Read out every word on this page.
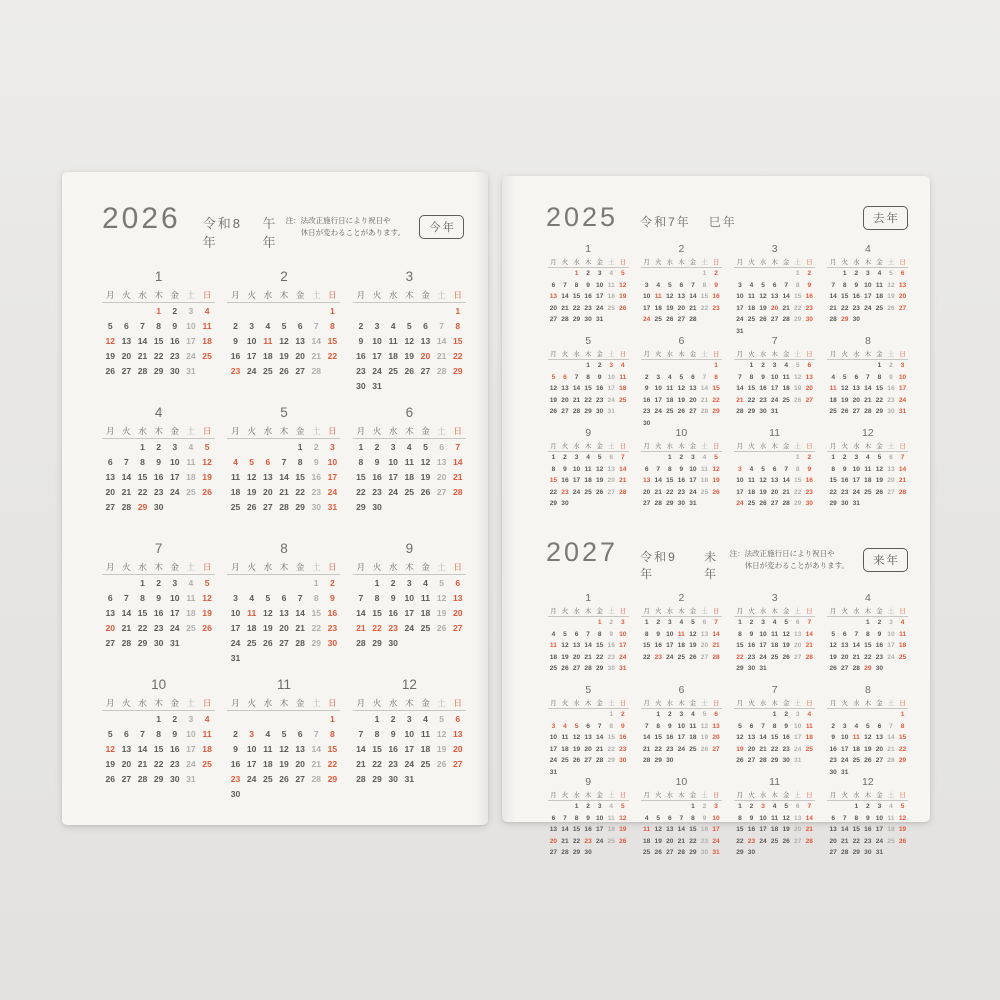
2026 令和8年
午年
注：法改正施行日により祝日や
休日が変わることがあります。	今年
1
月	火	水	木	金	土	日
			1	2	3	4
5	6	7	8	9	10	11
12	13	14	15	16	17	18
19	20	21	22	23	24	25
26	27	28	29	30	31	
2
月	火	水	木	金	土	日
						1
2	3	4	5	6	7	8
9	10	11	12	13	14	15
16	17	18	19	20	21	22
23	24	25	26	27	28	
3
月	火	水	木	金	土	日
						1
2	3	4	5	6	7	8
9	10	11	12	13	14	15
16	17	18	19	20	21	22
23	24	25	26	27	28	29
30	31					
4
月	火	水	木	金	土	日
		1	2	3	4	5
6	7	8	9	10	11	12
13	14	15	16	17	18	19
20	21	22	23	24	25	26
27	28	29	30			
5
月	火	水	木	金	土	日
				1	2	3
4	5	6	7	8	9	10
11	12	13	14	15	16	17
18	19	20	21	22	23	24
25	26	27	28	29	30	31
6
月	火	水	木	金	土	日
1	2	3	4	5	6	7
8	9	10	11	12	13	14
15	16	17	18	19	20	21
22	23	24	25	26	27	28
29	30					
7
月	火	水	木	金	土	日
		1	2	3	4	5
6	7	8	9	10	11	12
13	14	15	16	17	18	19
20	21	22	23	24	25	26
27	28	29	30	31		
8
月	火	水	木	金	土	日
					1	2
3	4	5	6	7	8	9
10	11	12	13	14	15	16
17	18	19	20	21	22	23
24	25	26	27	28	29	30
31						
9
月	火	水	木	金	土	日
	1	2	3	4	5	6
7	8	9	10	11	12	13
14	15	16	17	18	19	20
21	22	23	24	25	26	27
28	29	30				
10
月	火	水	木	金	土	日
			1	2	3	4
5	6	7	8	9	10	11
12	13	14	15	16	17	18
19	20	21	22	23	24	25
26	27	28	29	30	31	
11
月	火	水	木	金	土	日
						1
2	3	4	5	6	7	8
9	10	11	12	13	14	15
16	17	18	19	20	21	22
23	24	25	26	27	28	29
30						
12
月	火	水	木	金	土	日
	1	2	3	4	5	6
7	8	9	10	11	12	13
14	15	16	17	18	19	20
21	22	23	24	25	26	27
28	29	30	31			
2025 令和7年 巳年	去年
1
月	火	水	木	金	土	日
		1	2	3	4	5
6	7	8	9	10	11	12
13	14	15	16	17	18	19
20	21	22	23	24	25	26
27	28	29	30	31		
2
月	火	水	木	金	土	日
					1	2
3	4	5	6	7	8	9
10	11	12	13	14	15	16
17	18	19	20	21	22	23
24	25	26	27	28		
3
月	火	水	木	金	土	日
					1	2
3	4	5	6	7	8	9
10	11	12	13	14	15	16
17	18	19	20	21	22	23
24	25	26	27	28	29	30
31						
4
月	火	水	木	金	土	日
	1	2	3	4	5	6
7	8	9	10	11	12	13
14	15	16	17	18	19	20
21	22	23	24	25	26	27
28	29	30				
5
月	火	水	木	金	土	日
			1	2	3	4
5	6	7	8	9	10	11
12	13	14	15	16	17	18
19	20	21	22	23	24	25
26	27	28	29	30	31	
6
月	火	水	木	金	土	日
						1
2	3	4	5	6	7	8
9	10	11	12	13	14	15
16	17	18	19	20	21	22
23	24	25	26	27	28	29
30						
7
月	火	水	木	金	土	日
	1	2	3	4	5	6
7	8	9	10	11	12	13
14	15	16	17	18	19	20
21	22	23	24	25	26	27
28	29	30	31			
8
月	火	水	木	金	土	日
				1	2	3
4	5	6	7	8	9	10
11	12	13	14	15	16	17
18	19	20	21	22	23	24
25	26	27	28	29	30	31
9
月	火	水	木	金	土	日
1	2	3	4	5	6	7
8	9	10	11	12	13	14
15	16	17	18	19	20	21
22	23	24	25	26	27	28
29	30					
10
月	火	水	木	金	土	日
		1	2	3	4	5
6	7	8	9	10	11	12
13	14	15	16	17	18	19
20	21	22	23	24	25	26
27	28	29	30	31		
11
月	火	水	木	金	土	日
					1	2
3	4	5	6	7	8	9
10	11	12	13	14	15	16
17	18	19	20	21	22	23
24	25	26	27	28	29	30
12
月	火	水	木	金	土	日
1	2	3	4	5	6	7
8	9	10	11	12	13	14
15	16	17	18	19	20	21
22	23	24	25	26	27	28
29	30	31				
2027 令和9年
未年
注：法改正施行日により祝日や
休日が変わることがあります。	来年
1
月	火	水	木	金	土	日
				1	2	3
4	5	6	7	8	9	10
11	12	13	14	15	16	17
18	19	20	21	22	23	24
25	26	27	28	29	30	31
2
月	火	水	木	金	土	日
1	2	3	4	5	6	7
8	9	10	11	12	13	14
15	16	17	18	19	20	21
22	23	24	25	26	27	28
3
月	火	水	木	金	土	日
1	2	3	4	5	6	7
8	9	10	11	12	13	14
15	16	17	18	19	20	21
22	23	24	25	26	27	28
29	30	31				
4
月	火	水	木	金	土	日
			1	2	3	4
5	6	7	8	9	10	11
12	13	14	15	16	17	18
19	20	21	22	23	24	25
26	27	28	29	30		
5
月	火	水	木	金	土	日
					1	2
3	4	5	6	7	8	9
10	11	12	13	14	15	16
17	18	19	20	21	22	23
24	25	26	27	28	29	30
31						
6
月	火	水	木	金	土	日
	1	2	3	4	5	6
7	8	9	10	11	12	13
14	15	16	17	18	19	20
21	22	23	24	25	26	27
28	29	30				
7
月	火	水	木	金	土	日
			1	2	3	4
5	6	7	8	9	10	11
12	13	14	15	16	17	18
19	20	21	22	23	24	25
26	27	28	29	30	31	
8
月	火	水	木	金	土	日
						1
2	3	4	5	6	7	8
9	10	11	12	13	14	15
16	17	18	19	20	21	22
23	24	25	26	27	28	29
30	31					
9
月	火	水	木	金	土	日
		1	2	3	4	5
6	7	8	9	10	11	12
13	14	15	16	17	18	19
20	21	22	23	24	25	26
27	28	29	30			
10
月	火	水	木	金	土	日
				1	2	3
4	5	6	7	8	9	10
11	12	13	14	15	16	17
18	19	20	21	22	23	24
25	26	27	28	29	30	31
11
月	火	水	木	金	土	日
1	2	3	4	5	6	7
8	9	10	11	12	13	14
15	16	17	18	19	20	21
22	23	24	25	26	27	28
29	30					
12
月	火	水	木	金	土	日
		1	2	3	4	5
6	7	8	9	10	11	12
13	14	15	16	17	18	19
20	21	22	23	24	25	26
27	28	29	30	31		
